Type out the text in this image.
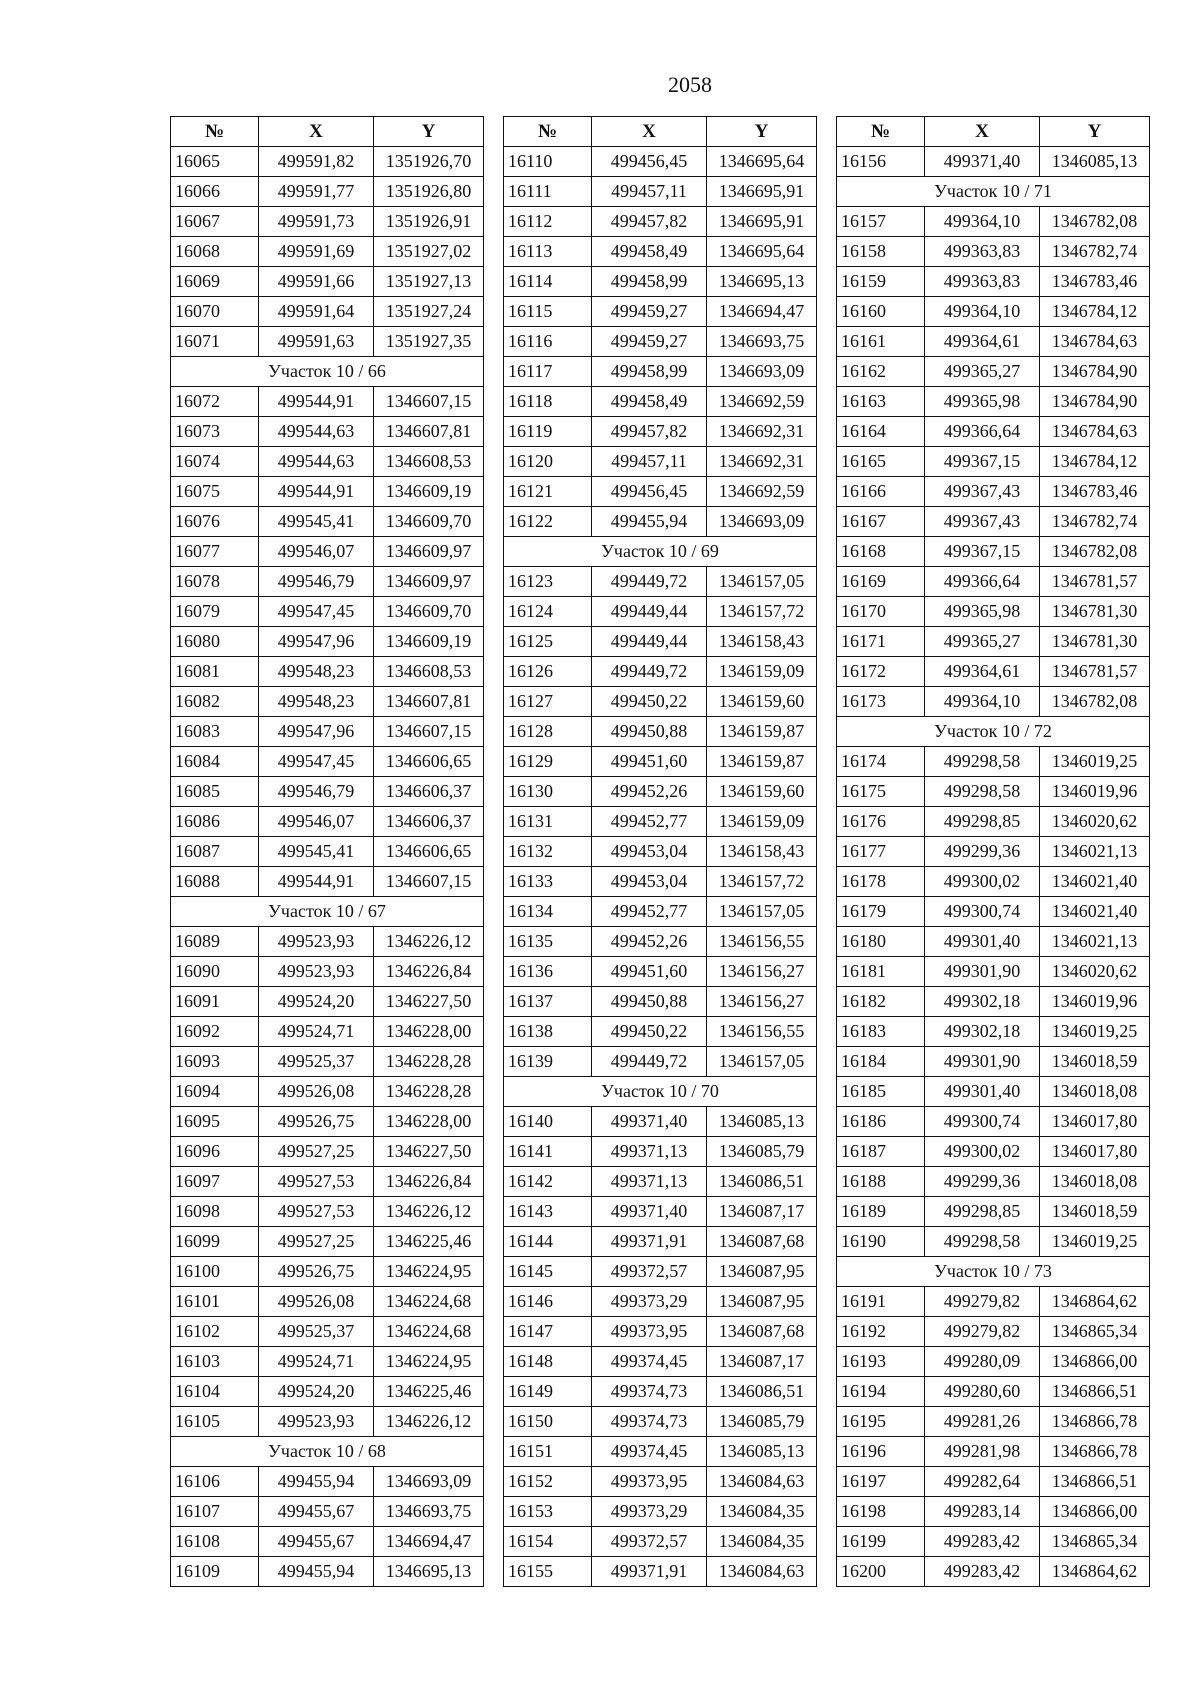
2058
№	X	Y
16065	499591,82	1351926,70
16066	499591,77	1351926,80
16067	499591,73	1351926,91
16068	499591,69	1351927,02
16069	499591,66	1351927,13
16070	499591,64	1351927,24
16071	499591,63	1351927,35
Участок 10 / 66		
16072	499544,91	1346607,15
16073	499544,63	1346607,81
16074	499544,63	1346608,53
16075	499544,91	1346609,19
16076	499545,41	1346609,70
16077	499546,07	1346609,97
16078	499546,79	1346609,97
16079	499547,45	1346609,70
16080	499547,96	1346609,19
16081	499548,23	1346608,53
16082	499548,23	1346607,81
16083	499547,96	1346607,15
16084	499547,45	1346606,65
16085	499546,79	1346606,37
16086	499546,07	1346606,37
16087	499545,41	1346606,65
16088	499544,91	1346607,15
Участок 10 / 67		
16089	499523,93	1346226,12
16090	499523,93	1346226,84
16091	499524,20	1346227,50
16092	499524,71	1346228,00
16093	499525,37	1346228,28
16094	499526,08	1346228,28
16095	499526,75	1346228,00
16096	499527,25	1346227,50
16097	499527,53	1346226,84
16098	499527,53	1346226,12
16099	499527,25	1346225,46
16100	499526,75	1346224,95
16101	499526,08	1346224,68
16102	499525,37	1346224,68
16103	499524,71	1346224,95
16104	499524,20	1346225,46
16105	499523,93	1346226,12
Участок 10 / 68		
16106	499455,94	1346693,09
16107	499455,67	1346693,75
16108	499455,67	1346694,47
16109	499455,94	1346695,13
№	X	Y
16110	499456,45	1346695,64
16111	499457,11	1346695,91
16112	499457,82	1346695,91
16113	499458,49	1346695,64
16114	499458,99	1346695,13
16115	499459,27	1346694,47
16116	499459,27	1346693,75
16117	499458,99	1346693,09
16118	499458,49	1346692,59
16119	499457,82	1346692,31
16120	499457,11	1346692,31
16121	499456,45	1346692,59
16122	499455,94	1346693,09
Участок 10 / 69		
16123	499449,72	1346157,05
16124	499449,44	1346157,72
16125	499449,44	1346158,43
16126	499449,72	1346159,09
16127	499450,22	1346159,60
16128	499450,88	1346159,87
16129	499451,60	1346159,87
16130	499452,26	1346159,60
16131	499452,77	1346159,09
16132	499453,04	1346158,43
16133	499453,04	1346157,72
16134	499452,77	1346157,05
16135	499452,26	1346156,55
16136	499451,60	1346156,27
16137	499450,88	1346156,27
16138	499450,22	1346156,55
16139	499449,72	1346157,05
Участок 10 / 70		
16140	499371,40	1346085,13
16141	499371,13	1346085,79
16142	499371,13	1346086,51
16143	499371,40	1346087,17
16144	499371,91	1346087,68
16145	499372,57	1346087,95
16146	499373,29	1346087,95
16147	499373,95	1346087,68
16148	499374,45	1346087,17
16149	499374,73	1346086,51
16150	499374,73	1346085,79
16151	499374,45	1346085,13
16152	499373,95	1346084,63
16153	499373,29	1346084,35
16154	499372,57	1346084,35
16155	499371,91	1346084,63
№	X	Y
16156	499371,40	1346085,13
Участок 10 / 71		
16157	499364,10	1346782,08
16158	499363,83	1346782,74
16159	499363,83	1346783,46
16160	499364,10	1346784,12
16161	499364,61	1346784,63
16162	499365,27	1346784,90
16163	499365,98	1346784,90
16164	499366,64	1346784,63
16165	499367,15	1346784,12
16166	499367,43	1346783,46
16167	499367,43	1346782,74
16168	499367,15	1346782,08
16169	499366,64	1346781,57
16170	499365,98	1346781,30
16171	499365,27	1346781,30
16172	499364,61	1346781,57
16173	499364,10	1346782,08
Участок 10 / 72		
16174	499298,58	1346019,25
16175	499298,58	1346019,96
16176	499298,85	1346020,62
16177	499299,36	1346021,13
16178	499300,02	1346021,40
16179	499300,74	1346021,40
16180	499301,40	1346021,13
16181	499301,90	1346020,62
16182	499302,18	1346019,96
16183	499302,18	1346019,25
16184	499301,90	1346018,59
16185	499301,40	1346018,08
16186	499300,74	1346017,80
16187	499300,02	1346017,80
16188	499299,36	1346018,08
16189	499298,85	1346018,59
16190	499298,58	1346019,25
Участок 10 / 73		
16191	499279,82	1346864,62
16192	499279,82	1346865,34
16193	499280,09	1346866,00
16194	499280,60	1346866,51
16195	499281,26	1346866,78
16196	499281,98	1346866,78
16197	499282,64	1346866,51
16198	499283,14	1346866,00
16199	499283,42	1346865,34
16200	499283,42	1346864,62
